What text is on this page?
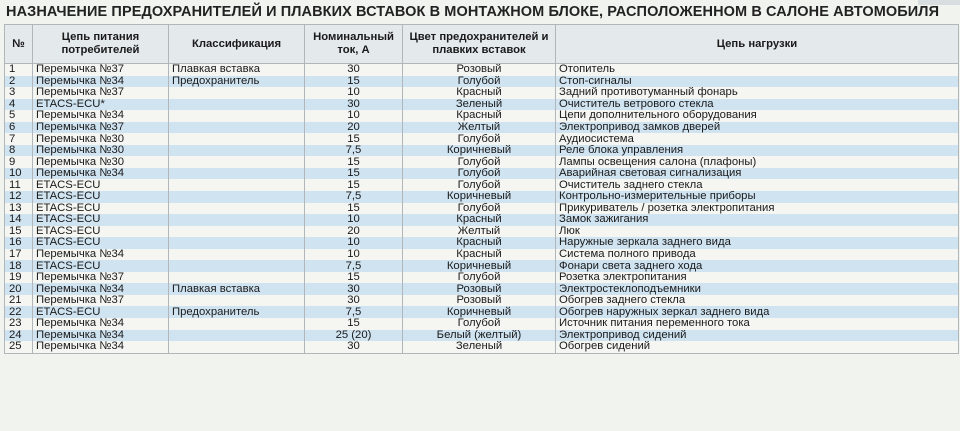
НАЗНАЧЕНИЕ ПРЕДОХРАНИТЕЛЕЙ И ПЛАВКИХ ВСТАВОК В МОНТАЖНОМ БЛОКЕ, РАСПОЛОЖЕННОМ В САЛОНЕ АВТОМОБИЛЯ
№	Цепь питания потребителей	Классификация	Номинальный ток, А	Цвет предохранителей и плавких вставок	Цепь нагрузки
1	Перемычка №37	Плавкая вставка	30	Розовый	Отопитель
2	Перемычка №34	Предохранитель	15	Голубой	Стоп-сигналы
3	Перемычка №37		10	Красный	Задний противотуманный фонарь
4	ETACS-ECU*		30	Зеленый	Очиститель ветрового стекла
5	Перемычка №34		10	Красный	Цепи дополнительного оборудования
6	Перемычка №37		20	Желтый	Электропривод замков дверей
7	Перемычка №30		15	Голубой	Аудиосистема
8	Перемычка №30		7,5	Коричневый	Реле блока управления
9	Перемычка №30		15	Голубой	Лампы освещения салона (плафоны)
10	Перемычка №34		15	Голубой	Аварийная световая сигнализация
11	ETACS-ECU		15	Голубой	Очиститель заднего стекла
12	ETACS-ECU		7,5	Коричневый	Контрольно-измерительные приборы
13	ETACS-ECU		15	Голубой	Прикуриватель / розетка электропитания
14	ETACS-ECU		10	Красный	Замок зажигания
15	ETACS-ECU		20	Желтый	Люк
16	ETACS-ECU		10	Красный	Наружные зеркала заднего вида
17	Перемычка №34		10	Красный	Система полного привода
18	ETACS-ECU		7,5	Коричневый	Фонари света заднего хода
19	Перемычка №37		15	Голубой	Розетка электропитания
20	Перемычка №34	Плавкая вставка	30	Розовый	Электростеклоподъемники
21	Перемычка №37		30	Розовый	Обогрев заднего стекла
22	ETACS-ECU	Предохранитель	7,5	Коричневый	Обогрев наружных зеркал заднего вида
23	Перемычка №34		15	Голубой	Источник питания переменного тока
24	Перемычка №34		25 (20)	Белый (желтый)	Электропривод сидений
25	Перемычка №34		30	Зеленый	Обогрев сидений
